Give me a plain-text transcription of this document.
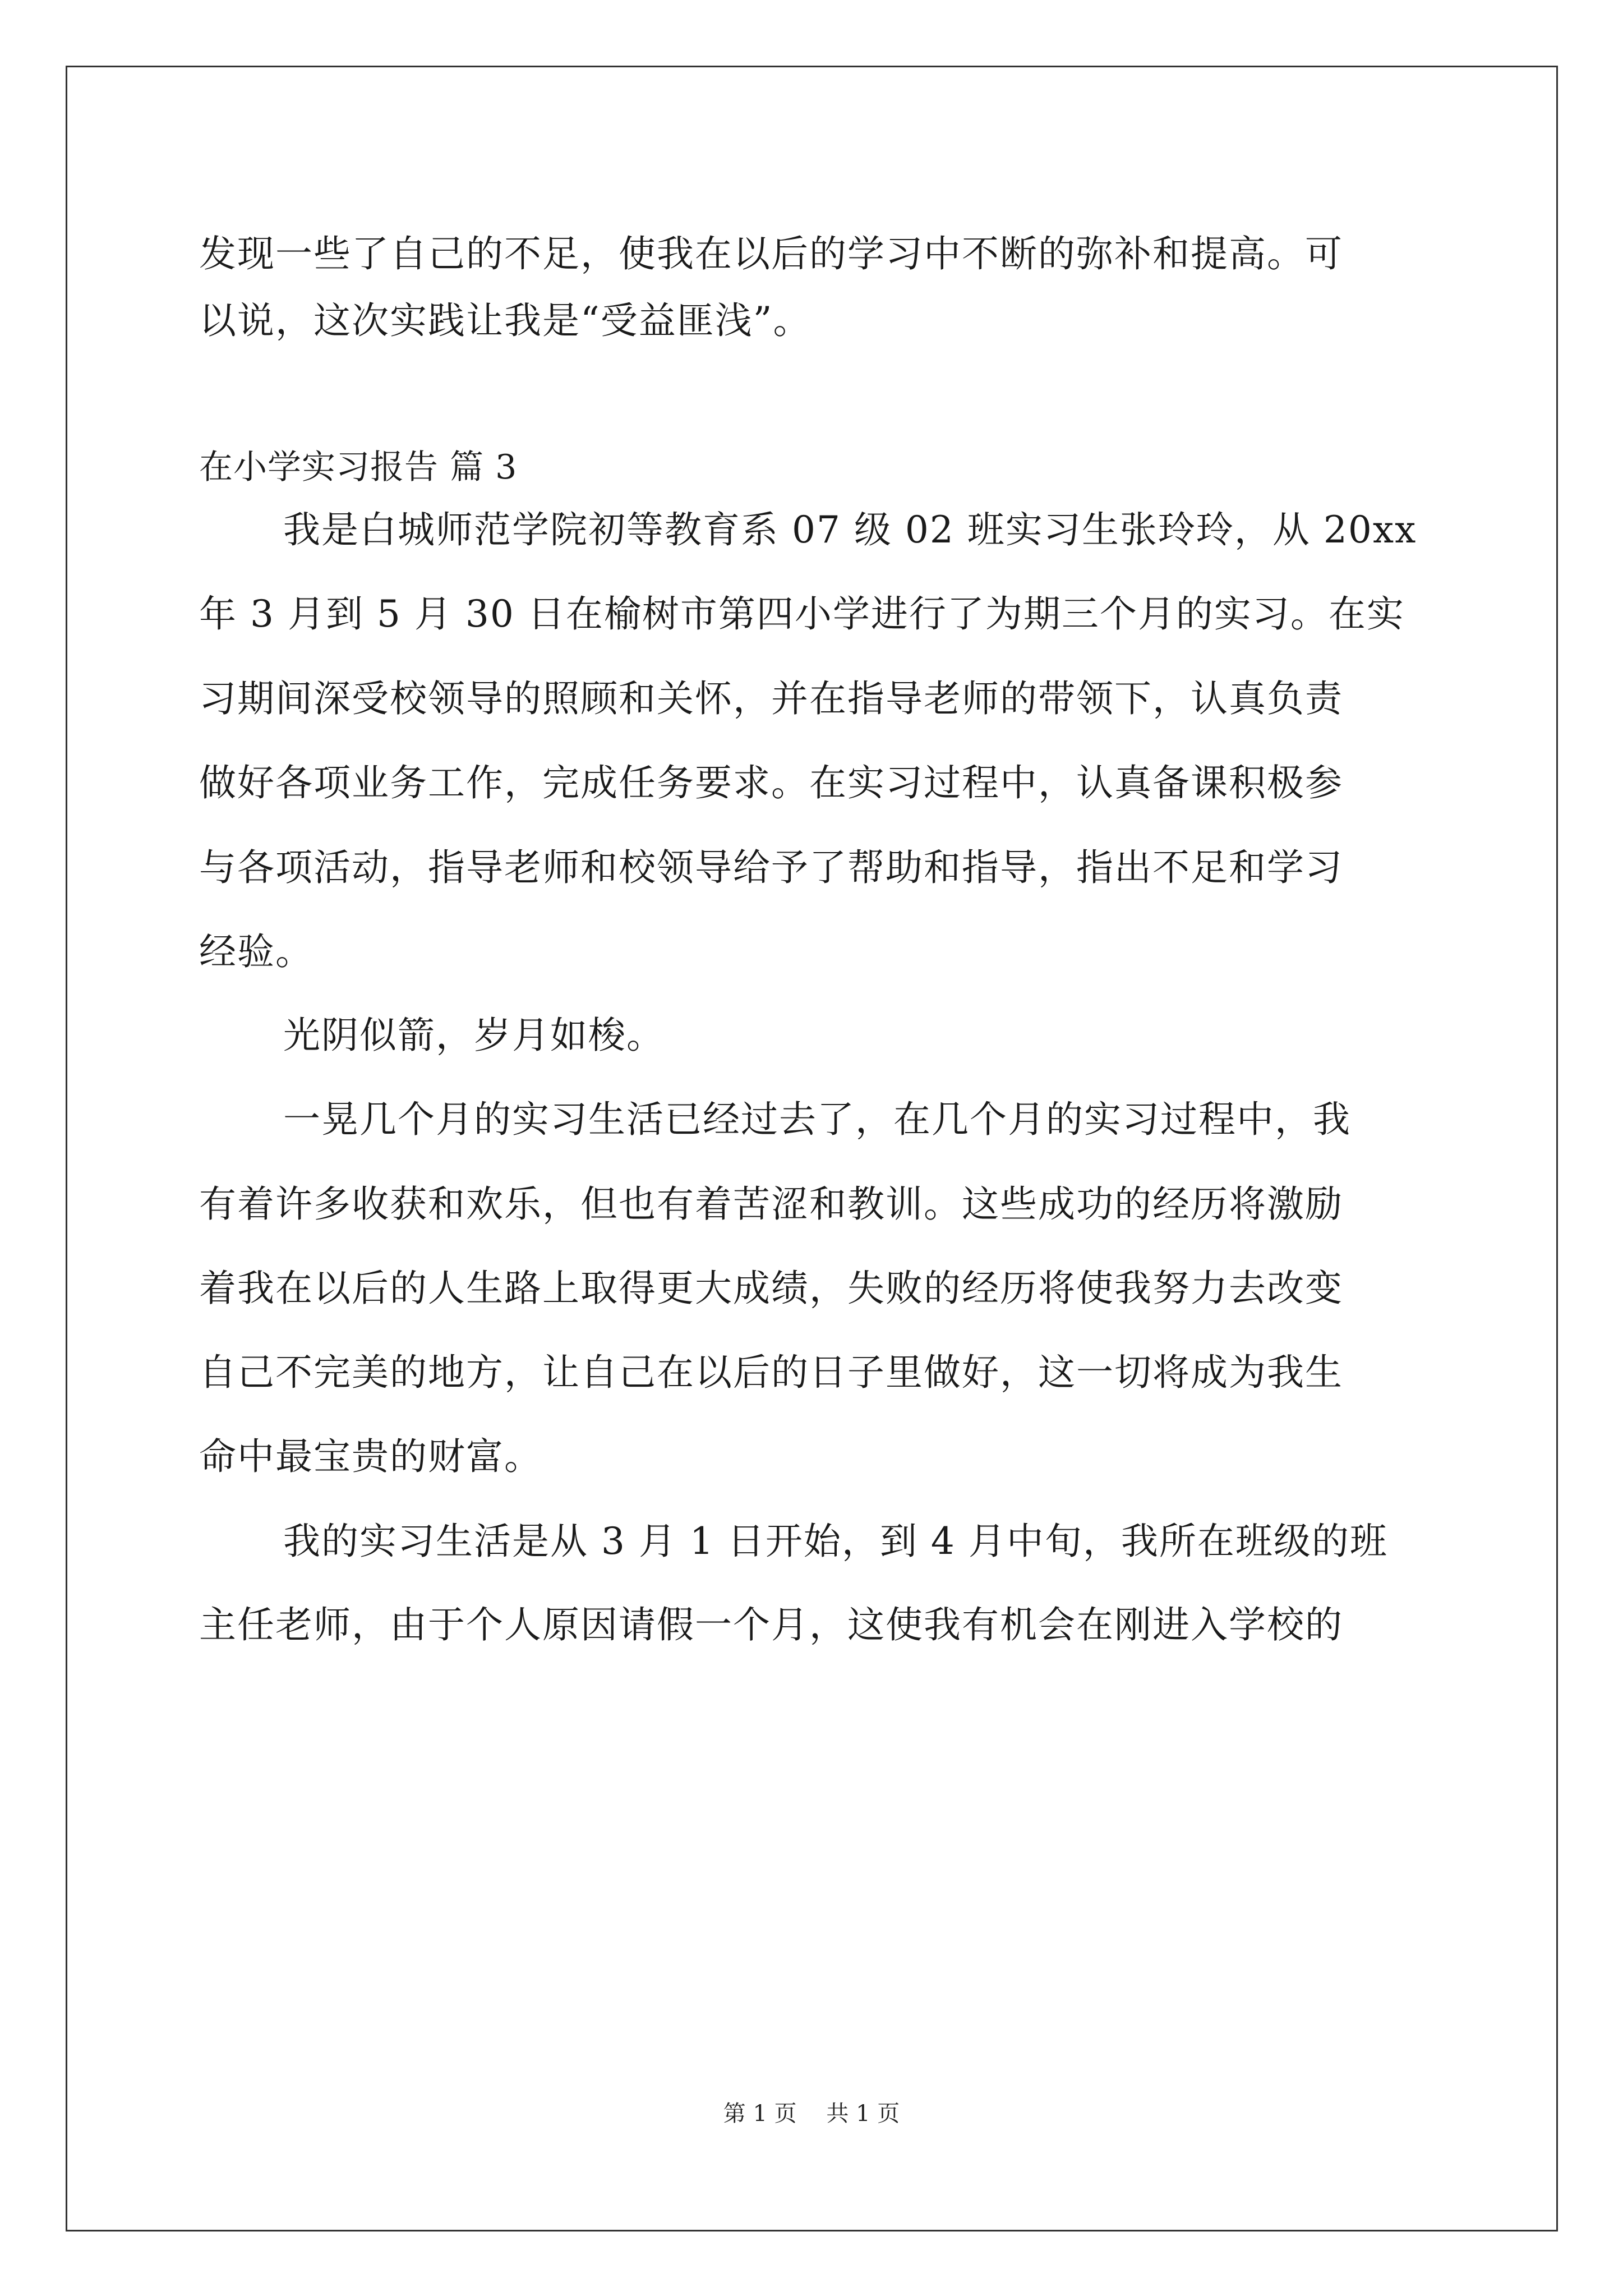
发现一些了自己的不足，使我在以后的学习中不断的弥补和提高。可
以说，这次实践让我是“受益匪浅”。
在小学实习报告 篇 3
我是白城师范学院初等教育系 07 级 02 班实习生张玲玲，从 20xx
年 3 月到 5 月 30 日在榆树市第四小学进行了为期三个月的实习。在实
习期间深受校领导的照顾和关怀，并在指导老师的带领下，认真负责
做好各项业务工作，完成任务要求。在实习过程中，认真备课积极参
与各项活动，指导老师和校领导给予了帮助和指导，指出不足和学习
经验。
光阴似箭，岁月如梭。
一晃几个月的实习生活已经过去了，在几个月的实习过程中，我
有着许多收获和欢乐，但也有着苦涩和教训。这些成功的经历将激励
着我在以后的人生路上取得更大成绩，失败的经历将使我努力去改变
自己不完美的地方，让自己在以后的日子里做好，这一切将成为我生
命中最宝贵的财富。
我的实习生活是从 3 月 1 日开始，到 4 月中旬，我所在班级的班
主任老师，由于个人原因请假一个月，这使我有机会在刚进入学校的
第 1 页 共 1 页
